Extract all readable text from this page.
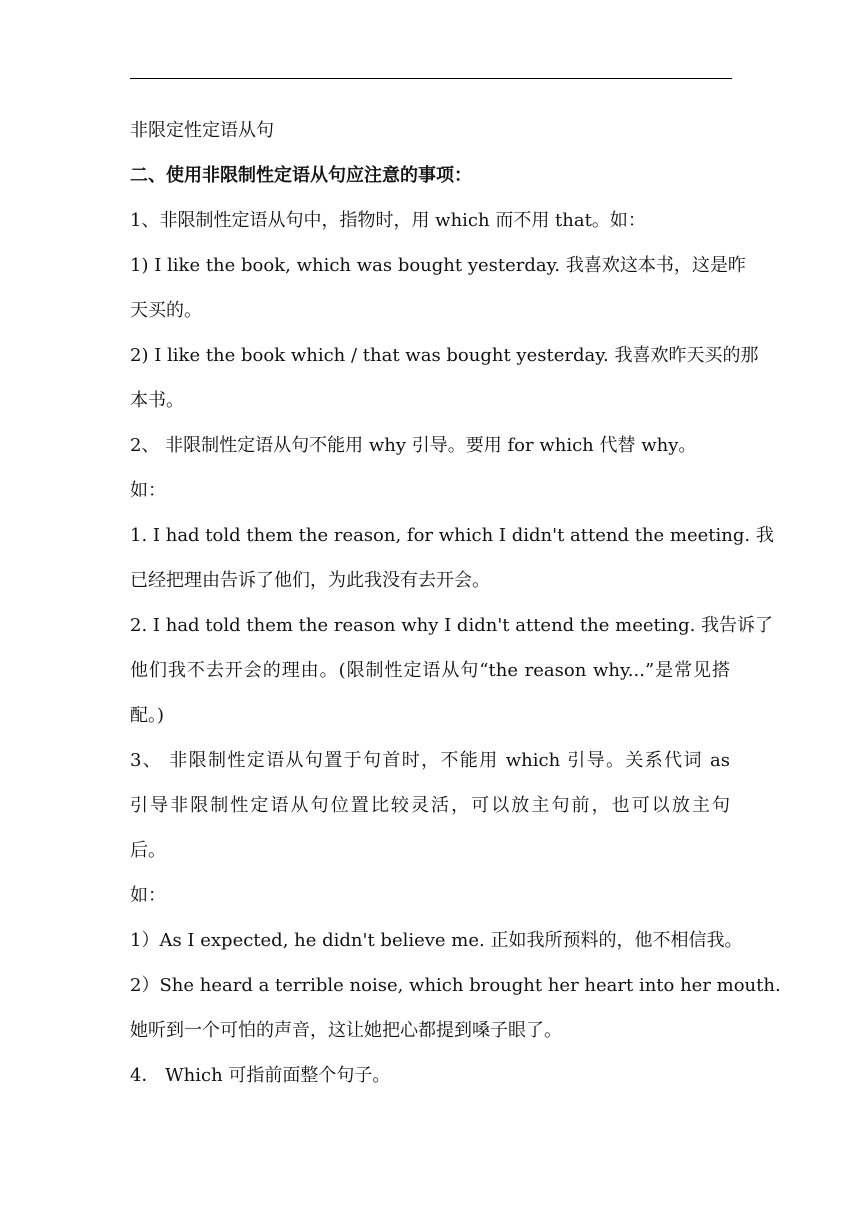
非限定性定语从句
二、使用非限制性定语从句应注意的事项：
1、非限制性定语从句中，指物时，用 which 而不用 that。如：
1) I like the book, which was bought yesterday. 我喜欢这本书，这是昨
天买的。
2) I like the book which / that was bought yesterday. 我喜欢昨天买的那
本书。
2、 非限制性定语从句不能用 why 引导。要用 for which 代替 why。
如：
1. I had told them the reason, for which I didn't attend the meeting. 我
已经把理由告诉了他们，为此我没有去开会。
2. I had told them the reason why I didn't attend the meeting. 我告诉了
他们我不去开会的理由。(限制性定语从句“the reason why...”是常见搭
配。)
3、 非限制性定语从句置于句首时，不能用 which 引导。关系代词 as
引导非限制性定语从句位置比较灵活，可以放主句前，也可以放主句
后。
如：
1）As I expected, he didn't believe me. 正如我所预料的，他不相信我。
2）She heard a terrible noise, which brought her heart into her mouth.
她听到一个可怕的声音，这让她把心都提到嗓子眼了。
4． Which 可指前面整个句子。
